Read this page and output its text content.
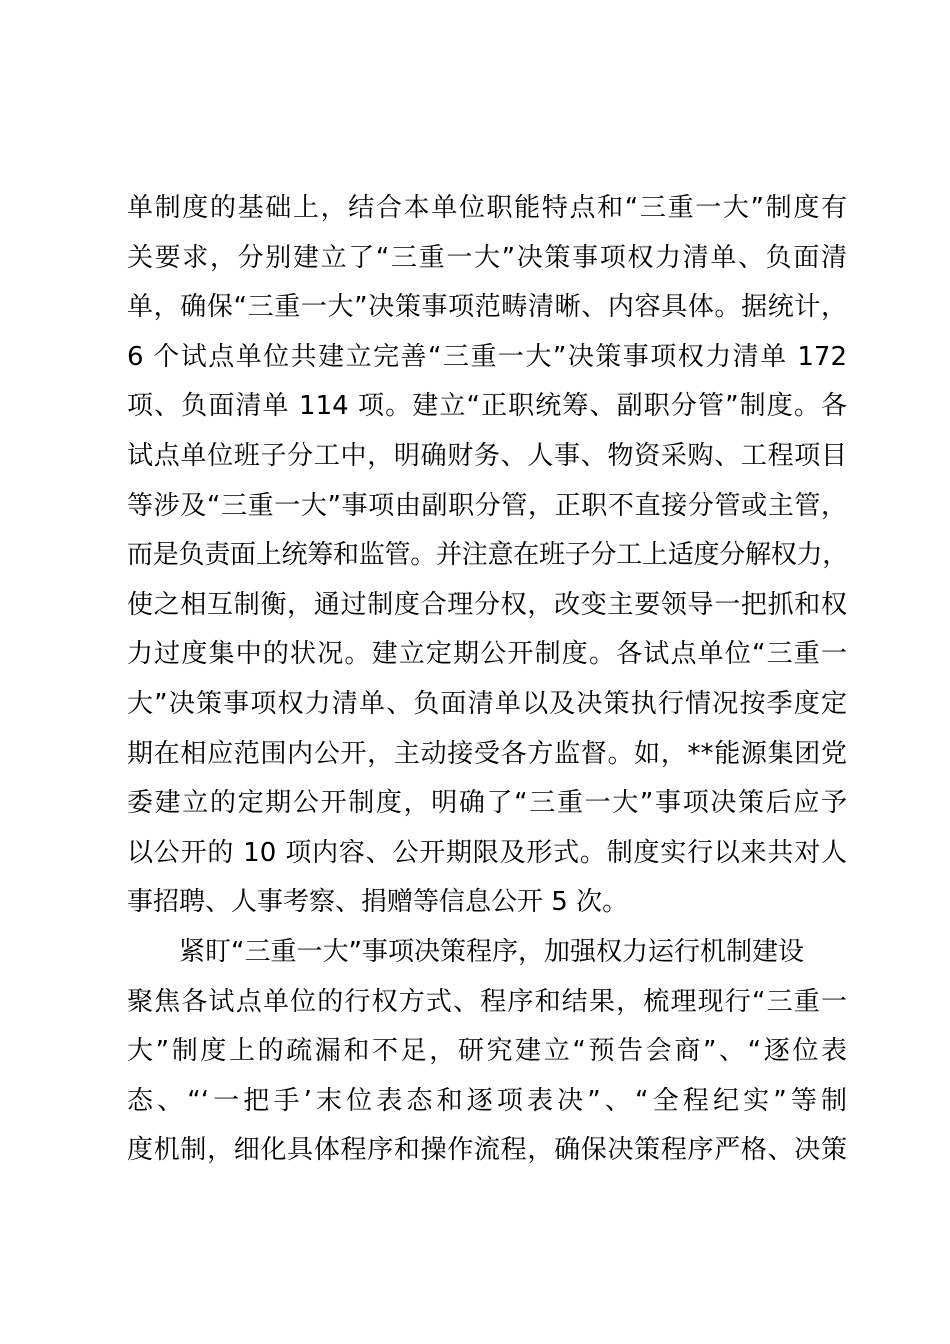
单制度的基础上，结合本单位职能特点和“三重一大”制度有
关要求，分别建立了“三重一大”决策事项权力清单、负面清
单，确保“三重一大”决策事项范畴清晰、内容具体。据统计，
6 个试点单位共建立完善“三重一大”决策事项权力清单 172
项、负面清单 114 项。建立“正职统筹、副职分管”制度。各
试点单位班子分工中，明确财务、人事、物资采购、工程项目
等涉及“三重一大”事项由副职分管，正职不直接分管或主管，
而是负责面上统筹和监管。并注意在班子分工上适度分解权力，
使之相互制衡，通过制度合理分权，改变主要领导一把抓和权
力过度集中的状况。建立定期公开制度。各试点单位“三重一
大”决策事项权力清单、负面清单以及决策执行情况按季度定
期在相应范围内公开，主动接受各方监督。如，**能源集团党
委建立的定期公开制度，明确了“三重一大”事项决策后应予
以公开的 10 项内容、公开期限及形式。制度实行以来共对人
事招聘、人事考察、捐赠等信息公开 5 次。
紧盯“三重一大”事项决策程序，加强权力运行机制建设
聚焦各试点单位的行权方式、程序和结果，梳理现行“三重一
大”制度上的疏漏和不足，研究建立“预告会商”、“逐位表
态、“‘一把手’末位表态和逐项表决”、“全程纪实”等制
度机制，细化具体程序和操作流程，确保决策程序严格、决策
